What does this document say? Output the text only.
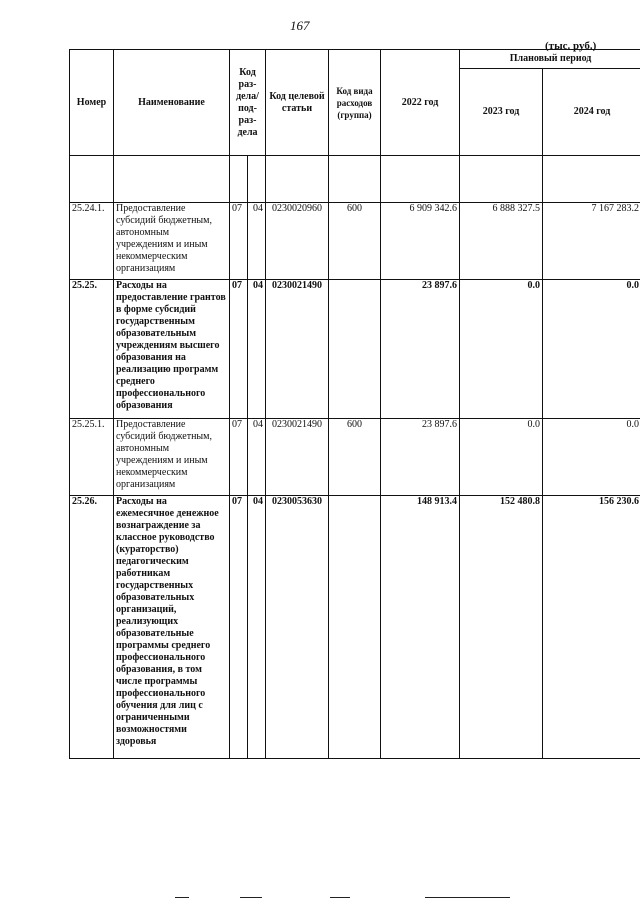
167
(тыс. руб.)
Номер	Наименование	Код раз-дела/ под-раз-дела		Код целевой статьи	Код вида расходов (группа)	2022 год	Плановый период	
							2023 год	2024 год

25.24.1.	Предоставление субсидий бюджетным, автономным учреждениям и иным некоммерческим организациям	07	04	0230020960	600	6 909 342.6	6 888 327.5	7 167 283.2
25.25.	Расходы на предоставление грантов в форме субсидий государственным образовательным учреждениям высшего образования на реализацию программ среднего профессионального образования	07	04	0230021490		23 897.6	0.0	0.0
25.25.1.	Предоставление субсидий бюджетным, автономным учреждениям и иным некоммерческим организациям	07	04	0230021490	600	23 897.6	0.0	0.0
25.26.	Расходы на ежемесячное денежное вознаграждение за классное руководство (кураторство) педагогическим работникам государственных образовательных организаций, реализующих образовательные программы среднего профессионального образования, в том числе программы профессионального обучения для лиц с ограниченными возможностями здоровья	07	04	0230053630		148 913.4	152 480.8	156 230.6
